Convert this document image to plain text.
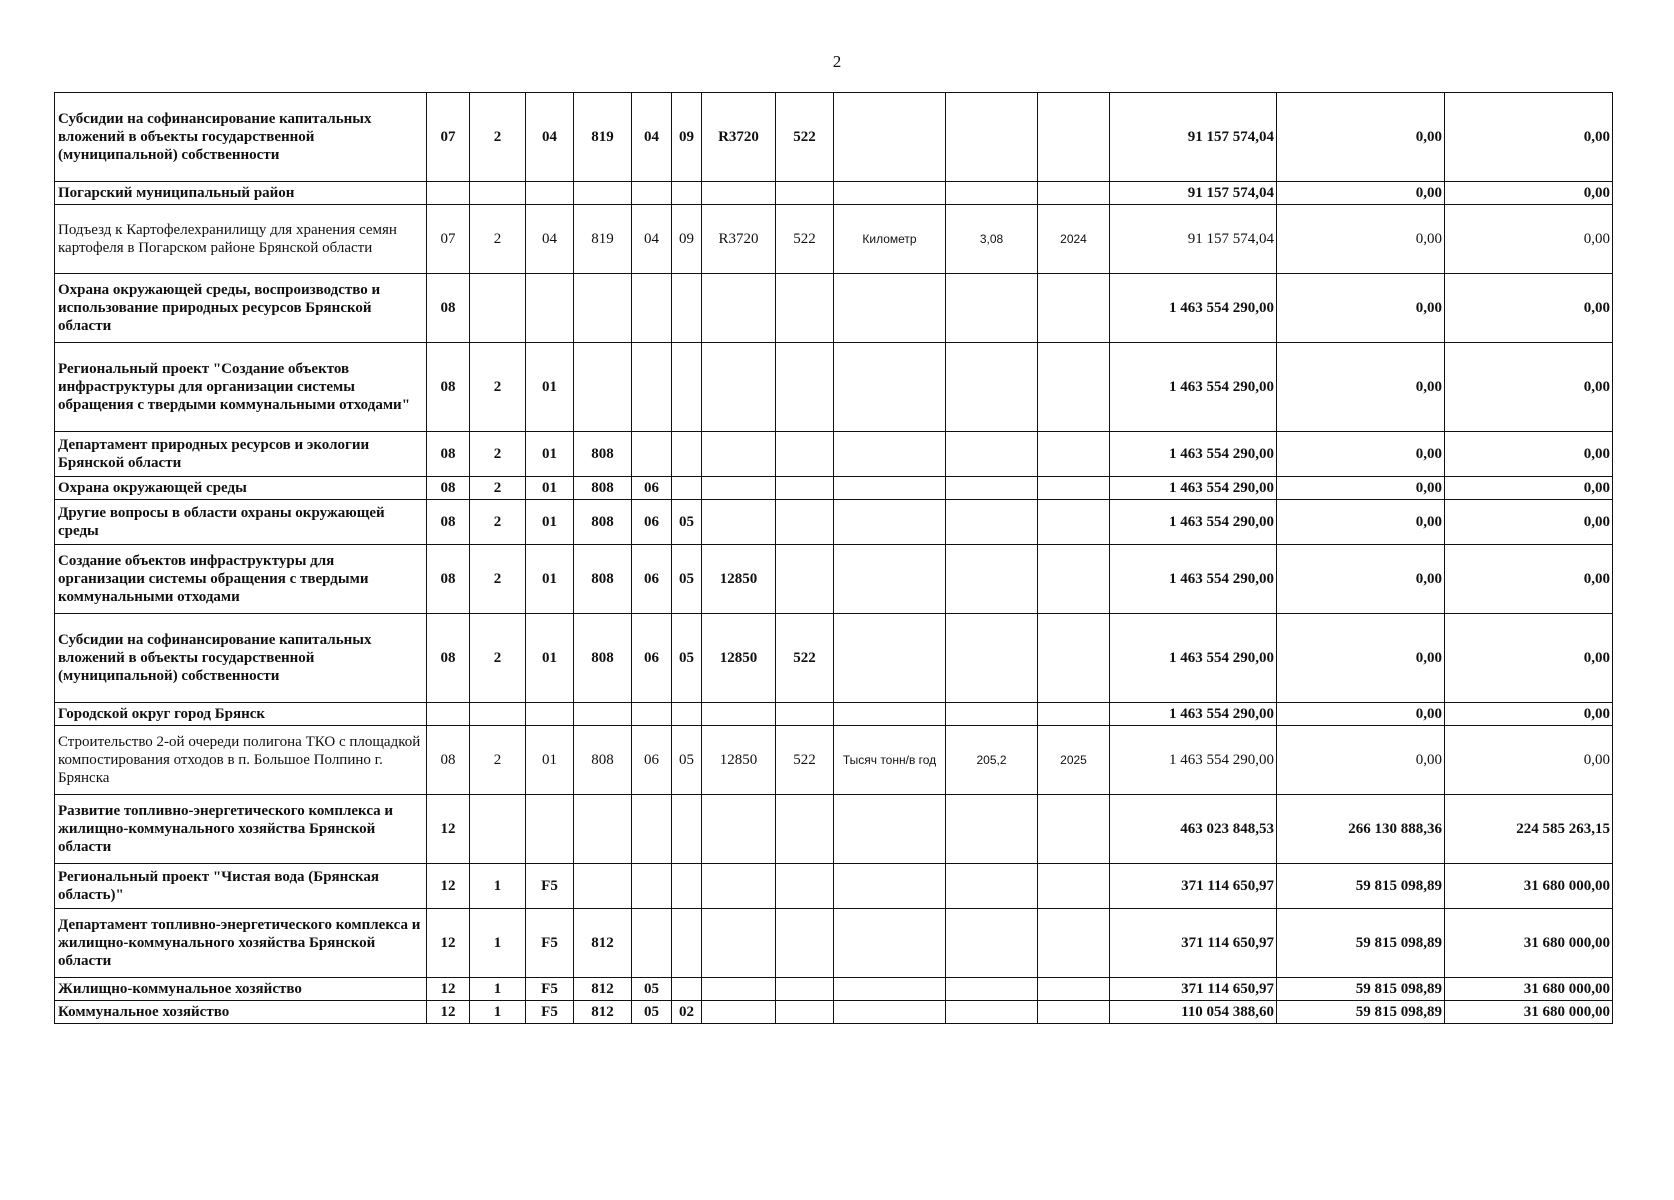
2
Субсидии на софинансирование капитальных вложений в объекты государственной (муниципальной) собственности	07	2	04	819	04	09	R3720	522				91 157 574,04	0,00	0,00
Погарский муниципальный район												91 157 574,04	0,00	0,00
Подъезд к Картофелехранилищу для хранения семян картофеля в Погарском районе Брянской области	07	2	04	819	04	09	R3720	522	Километр	3,08	2024	91 157 574,04	0,00	0,00
Охрана окружающей среды, воспроизводство и использование природных ресурсов Брянской области	08											1 463 554 290,00	0,00	0,00
Региональный проект "Создание объектов инфраструктуры для организации системы обращения с твердыми коммунальными отходами"	08	2	01									1 463 554 290,00	0,00	0,00
Департамент природных ресурсов и экологии Брянской области	08	2	01	808								1 463 554 290,00	0,00	0,00
Охрана окружающей среды	08	2	01	808	06							1 463 554 290,00	0,00	0,00
Другие вопросы в области охраны окружающей среды	08	2	01	808	06	05						1 463 554 290,00	0,00	0,00
Создание объектов инфраструктуры для организации системы обращения с твердыми коммунальными отходами	08	2	01	808	06	05	12850					1 463 554 290,00	0,00	0,00
Субсидии на софинансирование капитальных вложений в объекты государственной (муниципальной) собственности	08	2	01	808	06	05	12850	522				1 463 554 290,00	0,00	0,00
Городской округ город Брянск												1 463 554 290,00	0,00	0,00
Строительство 2-ой очереди полигона ТКО с площадкой компостирования отходов в п. Большое Полпино г. Брянска	08	2	01	808	06	05	12850	522	Тысяч тонн/в год	205,2	2025	1 463 554 290,00	0,00	0,00
Развитие топливно-энергетического комплекса и жилищно-коммунального хозяйства Брянской области	12											463 023 848,53	266 130 888,36	224 585 263,15
Региональный проект "Чистая вода (Брянская область)"	12	1	F5									371 114 650,97	59 815 098,89	31 680 000,00
Департамент топливно-энергетического комплекса и жилищно-коммунального хозяйства Брянской области	12	1	F5	812								371 114 650,97	59 815 098,89	31 680 000,00
Жилищно-коммунальное хозяйство	12	1	F5	812	05							371 114 650,97	59 815 098,89	31 680 000,00
Коммунальное хозяйство	12	1	F5	812	05	02						110 054 388,60	59 815 098,89	31 680 000,00
